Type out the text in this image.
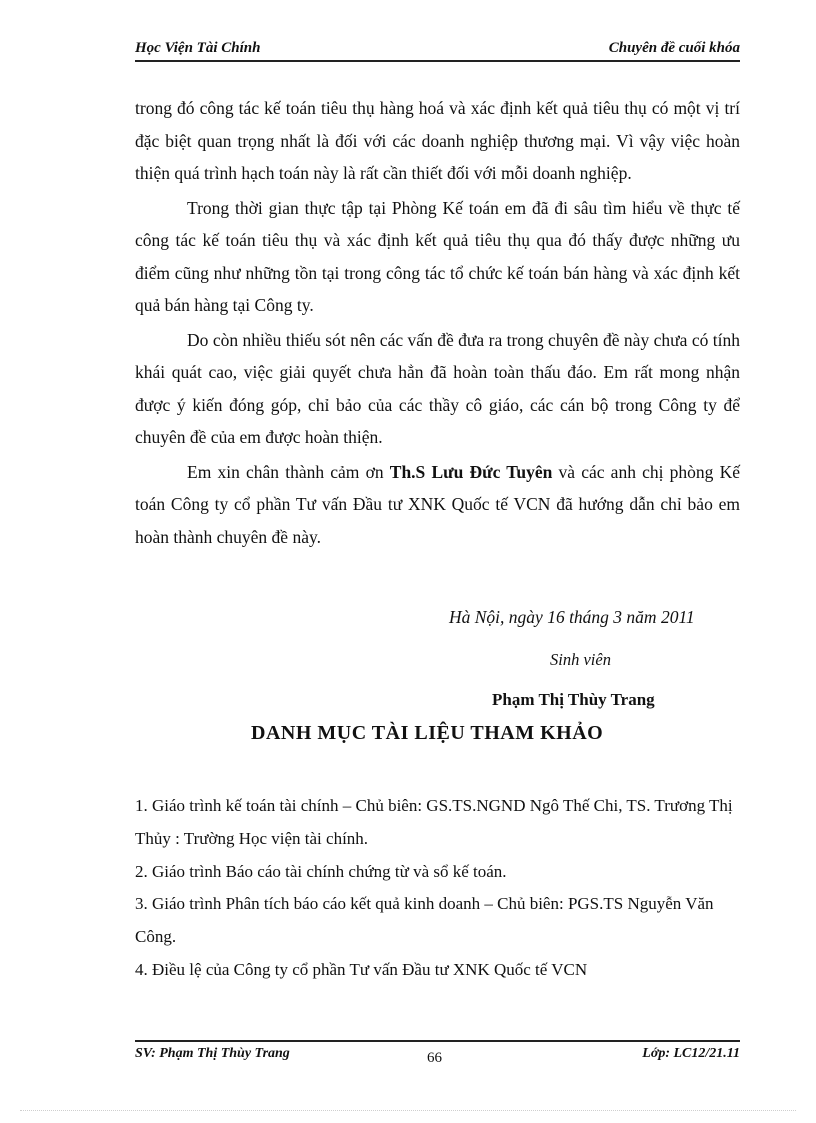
Học Viện Tài Chính	Chuyên đề cuối khóa

trong đó công tác kế toán tiêu thụ hàng hoá và xác định kết quả tiêu thụ có một vị trí đặc biệt quan trọng nhất là đối với các doanh nghiệp thương mại. Vì vậy việc hoàn thiện quá trình hạch toán này là rất cần thiết đối với mỗi doanh nghiệp.

Trong thời gian thực tập tại Phòng Kế toán em đã đi sâu tìm hiểu về thực tế công tác kế toán tiêu thụ và xác định kết quả tiêu thụ qua đó thấy được những ưu điểm cũng như những tồn tại trong công tác tổ chức kế toán bán hàng và xác định kết quả bán hàng tại Công ty.

Do còn nhiều thiếu sót nên các vấn đề đưa ra trong chuyên đề này chưa có tính khái quát cao, việc giải quyết chưa hẳn đã hoàn toàn thấu đáo. Em rất mong nhận được ý kiến đóng góp, chỉ bảo của các thầy cô giáo, các cán bộ trong Công ty để chuyên đề của em được hoàn thiện.

Em xin chân thành cảm ơn Th.S Lưu Đức Tuyên và các anh chị phòng Kế toán Công ty cổ phần Tư vấn Đầu tư XNK Quốc tế VCN đã hướng dẫn chỉ bảo em hoàn thành chuyên đề này.

Hà Nội, ngày 16 tháng 3 năm 2011
Sinh viên
Phạm Thị Thùy Trang
DANH MỤC TÀI LIỆU THAM KHẢO
1. Giáo trình kế toán tài chính – Chủ biên: GS.TS.NGND Ngô Thế Chi, TS. Trương Thị Thủy : Trường Học viện tài chính.
2. Giáo trình Báo cáo tài chính chứng từ và sổ kế toán.
3. Giáo trình Phân tích báo cáo kết quả kinh doanh – Chủ biên: PGS.TS Nguyễn Văn Công.
4. Điều lệ của Công ty cổ phần Tư vấn Đầu tư XNK Quốc tế VCN
SV: Phạm Thị Thùy Trang	66	Lớp: LC12/21.11
